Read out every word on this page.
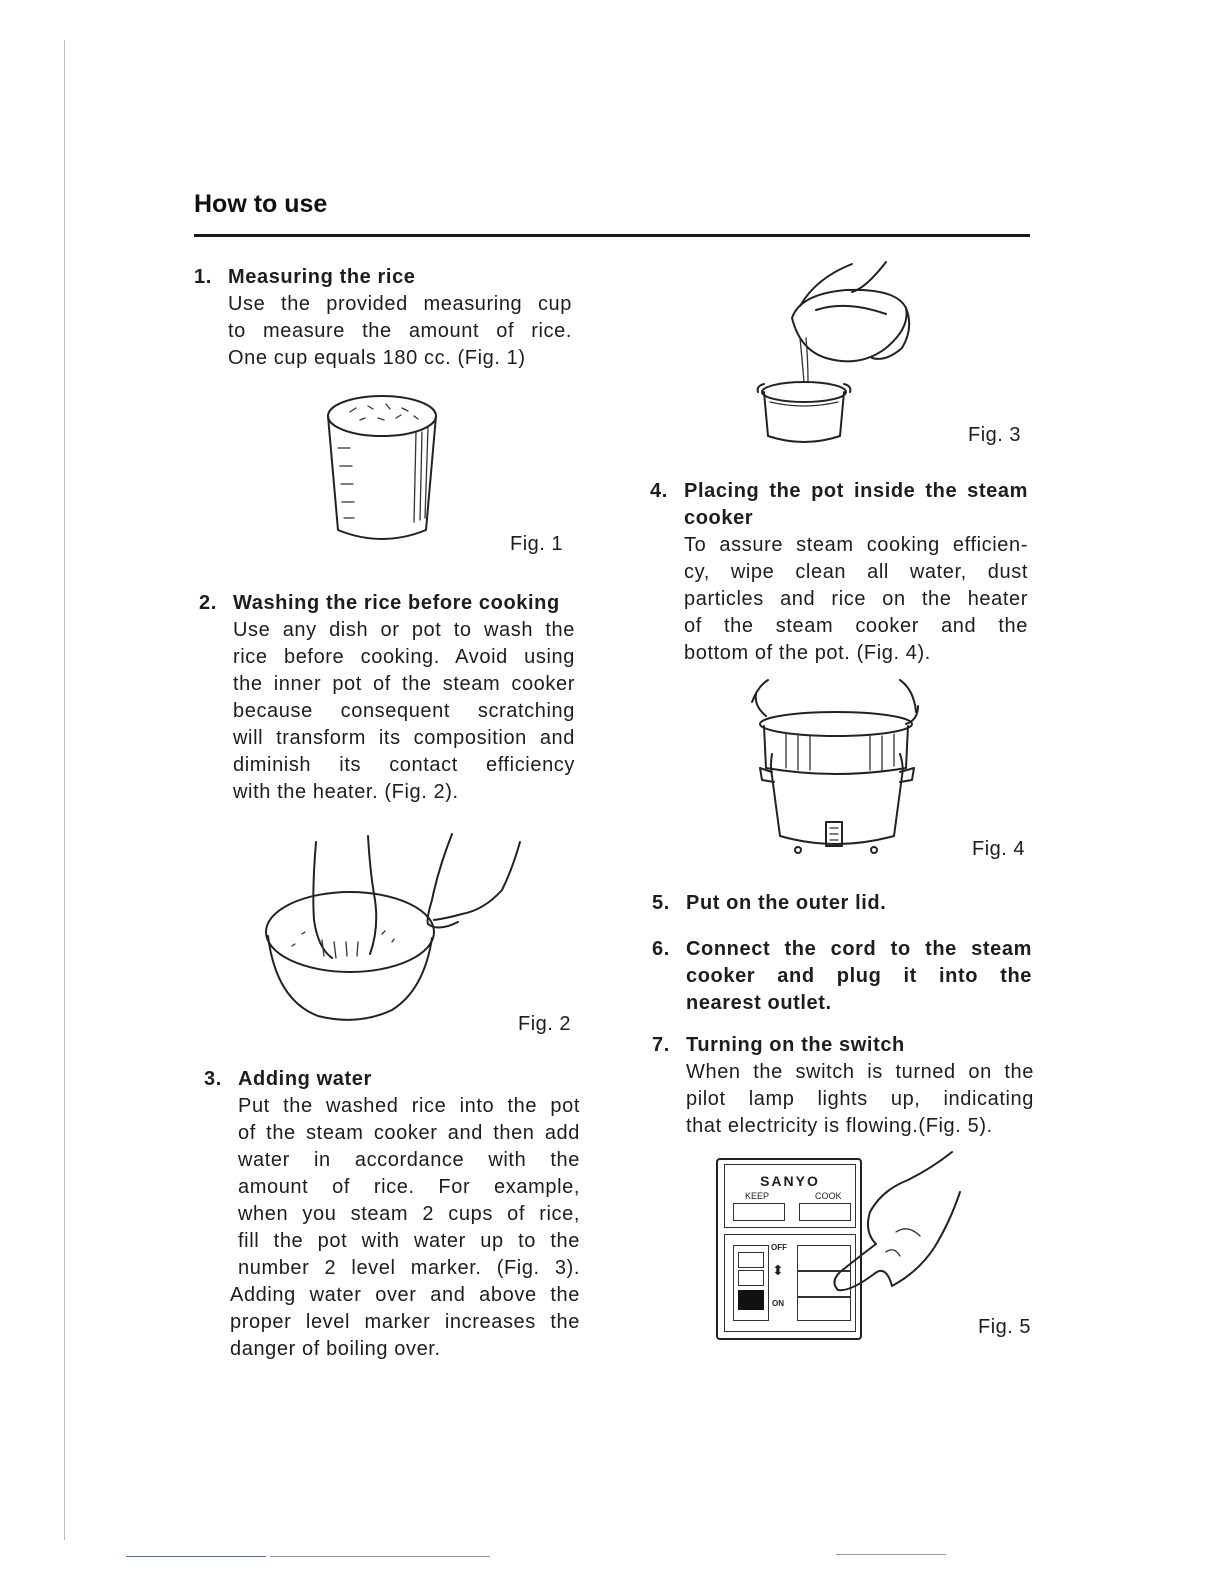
How to use
1. Measuring the rice
Use the provided measuring cup
to measure the amount of rice.
One cup equals 180 cc. (Fig. 1)
Fig. 1
2. Washing the rice before cooking
Use any dish or pot to wash the
rice before cooking. Avoid using
the inner pot of the steam cooker
because consequent scratching
will transform its composition and
diminish its contact efficiency
with the heater. (Fig. 2).
Fig. 2
3. Adding water
Put the washed rice into the pot
of the steam cooker and then add
water in accordance with the
amount of rice. For example,
when you steam 2 cups of rice,
fill the pot with water up to the
number 2 level marker. (Fig. 3).
Adding water over and above the
proper level marker increases the
danger of boiling over.
Fig. 3
4. Placing the pot inside the steam
cooker
To assure steam cooking efficien-
cy, wipe clean all water, dust
particles and rice on the heater
of the steam cooker and the
bottom of the pot. (Fig. 4).
Fig. 4
5. Put on the outer lid.
6. Connect the cord to the steam
cooker and plug it into the
nearest outlet.
7. Turning on the switch
When the switch is turned on the
pilot lamp lights up, indicating
that electricity is flowing.(Fig. 5).
SANYO
KEEP	COOK
OFF
⬍
ON
Fig. 5
